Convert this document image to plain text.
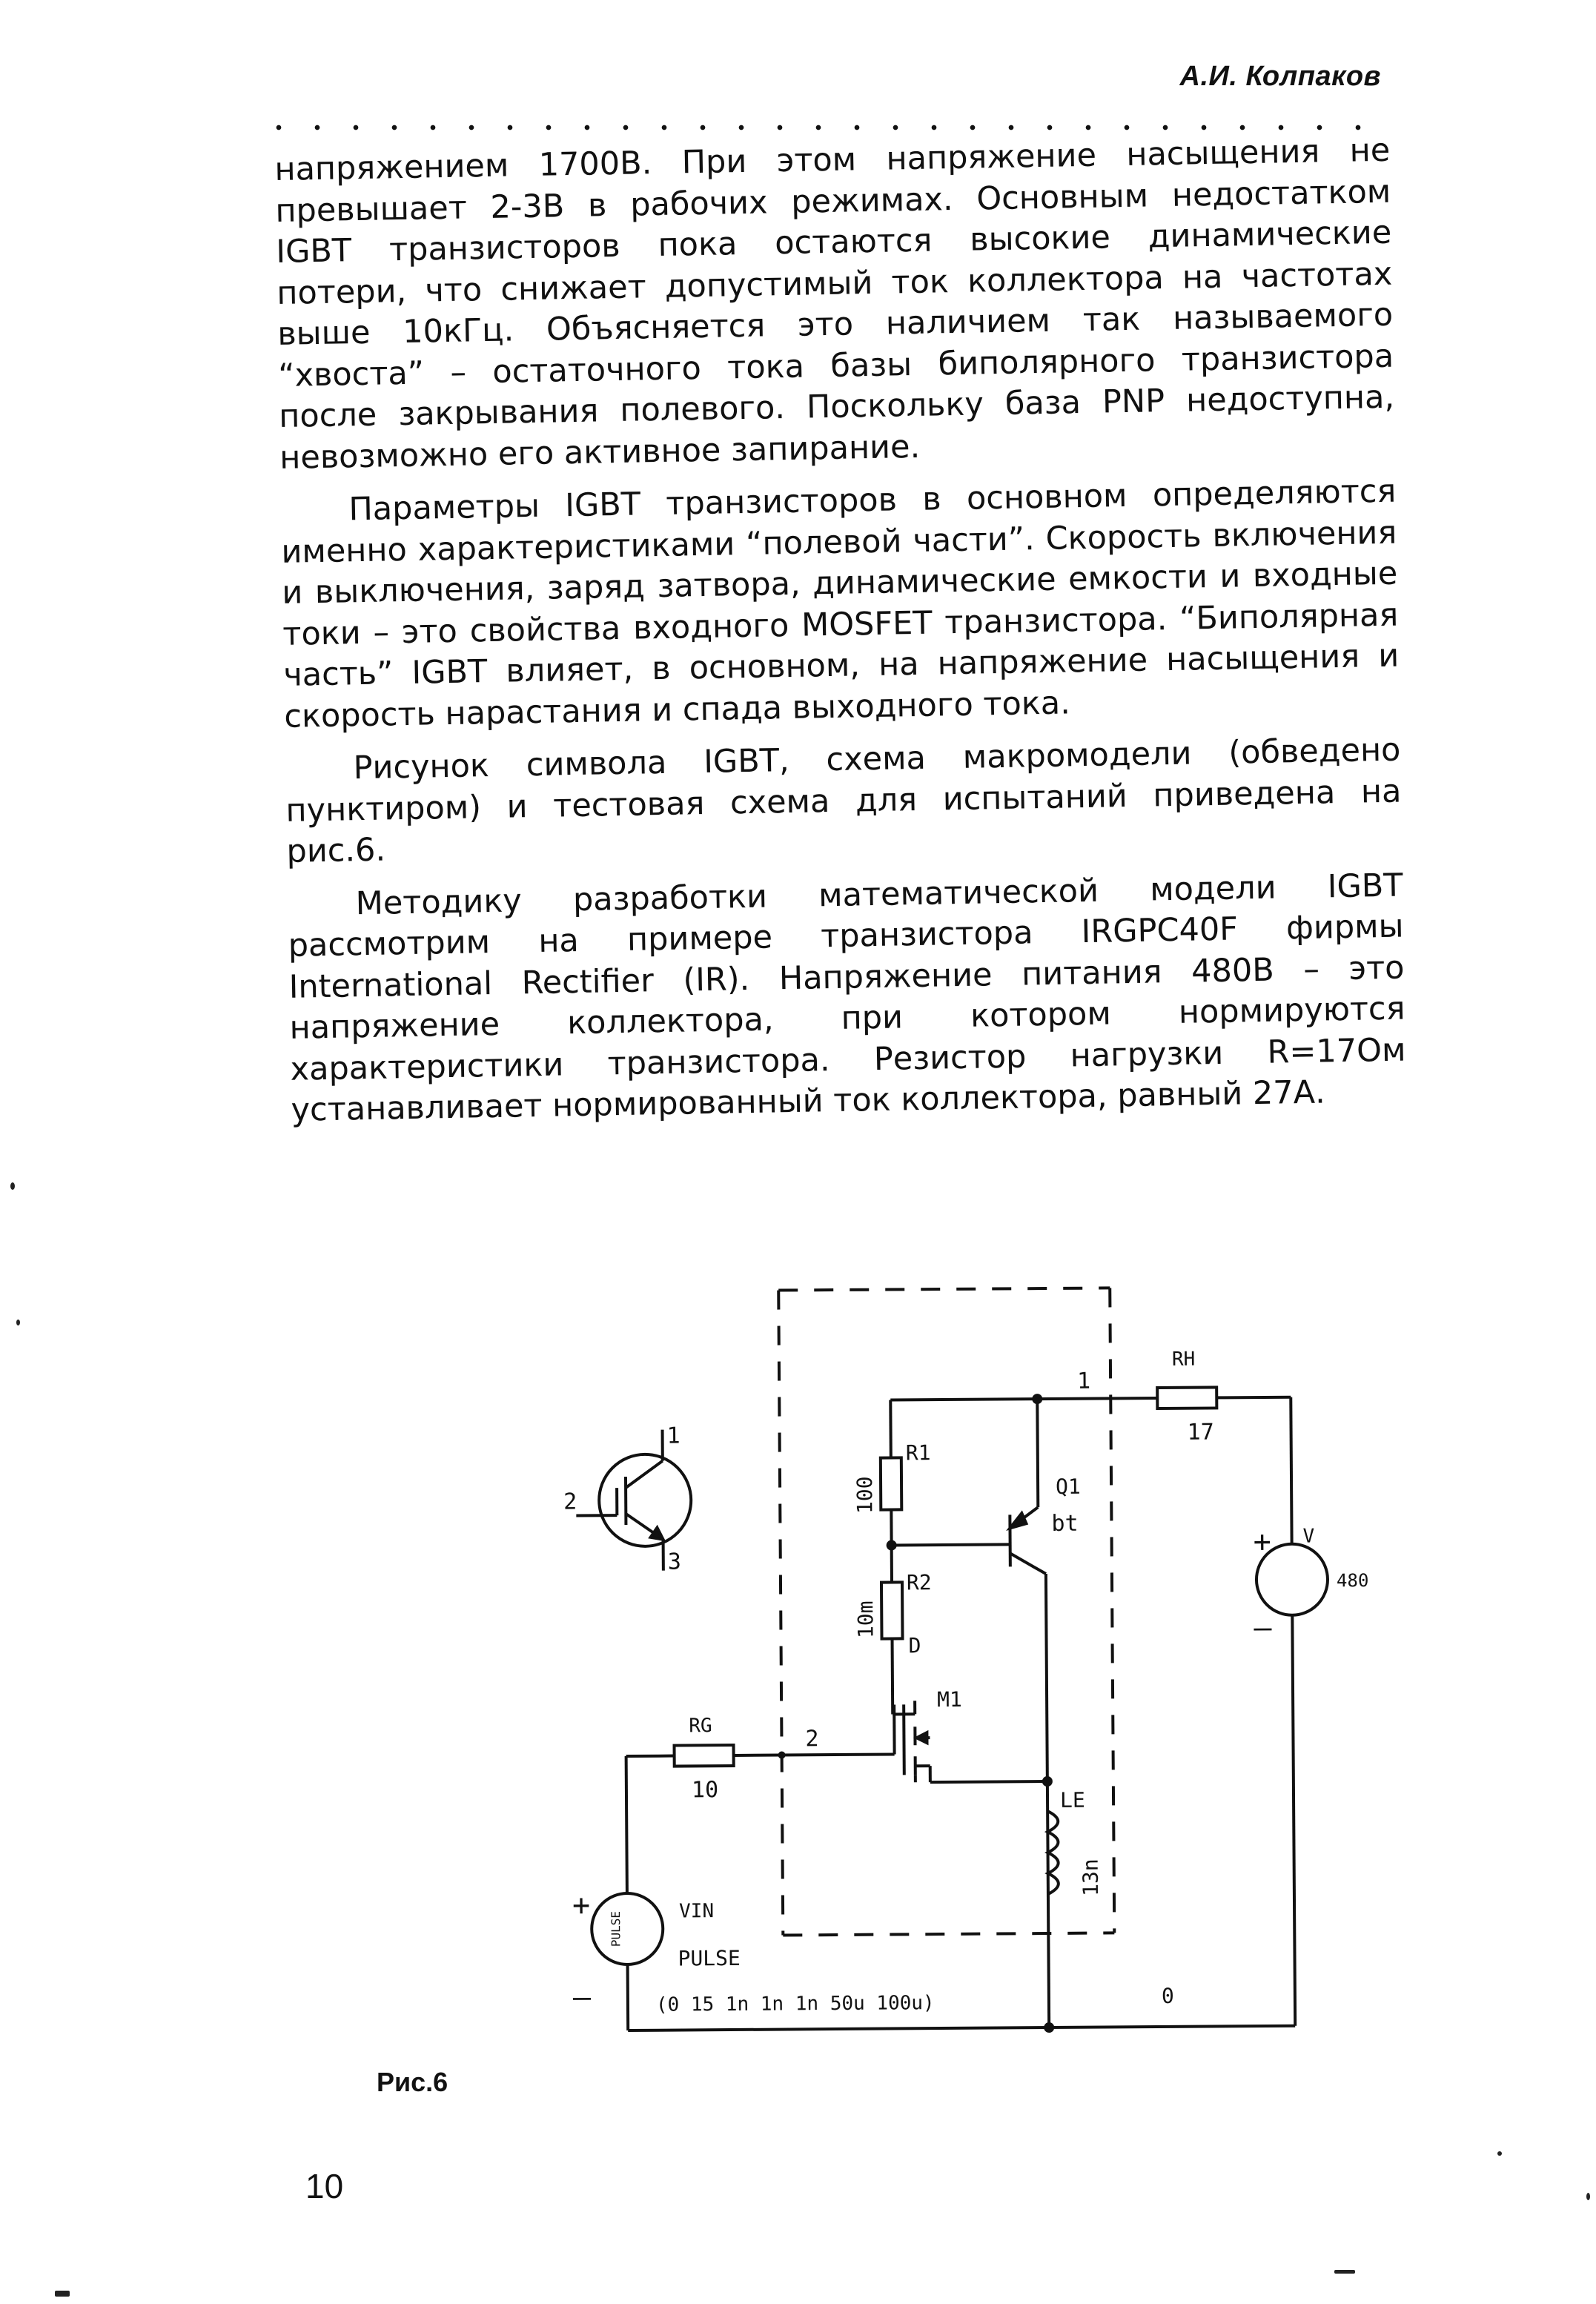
А.И. Колпаков

напряжением 1700В. При этом напряжение насыщения не превышает 2-3В в рабочих режимах. Основным недостатком IGBT транзисторов пока остаются высокие динамические потери, что снижает допустимый ток коллектора на частотах выше 10кГц. Объясняется это наличием так называемого “хвоста” – остаточного тока базы биполярного транзистора после закрывания полевого. Поскольку база PNP недоступна, невозможно его активное запирание.

Параметры IGBT транзисторов в основном определяются именно характеристиками “полевой части”. Скорость включения и выключения, заряд затвора, динамические емкости и входные токи – это свойства входного MOSFET транзистора. “Биполярная часть” IGBT влияет, в основном, на напряжение насыщения и скорость нарастания и спада выходного тока.

Рисунок символа IGBT, схема макромодели (обведено пунктиром) и тестовая схема для испытаний приведена на рис.6.

Методику разработки математической модели IGBT рассмотрим на примере транзистора IRGPC40F фирмы International Rectifier (IR). Напряжение питания 480В – это напряжение коллектора, при котором нормируются характеристики транзистора. Резистор нагрузки R=17Ом устанавливает нормированный ток коллектора, равный 27А.

1
2
3
RН
17
1
R1
100	Q1
bt
R2
10m
D
M1
2
RG
10	LE
13n
+
–
PULSE	VIN
PULSE
(0 15 1n 1n 1n 50u 100u)
+ V
480
–
0
Рис.6
10
